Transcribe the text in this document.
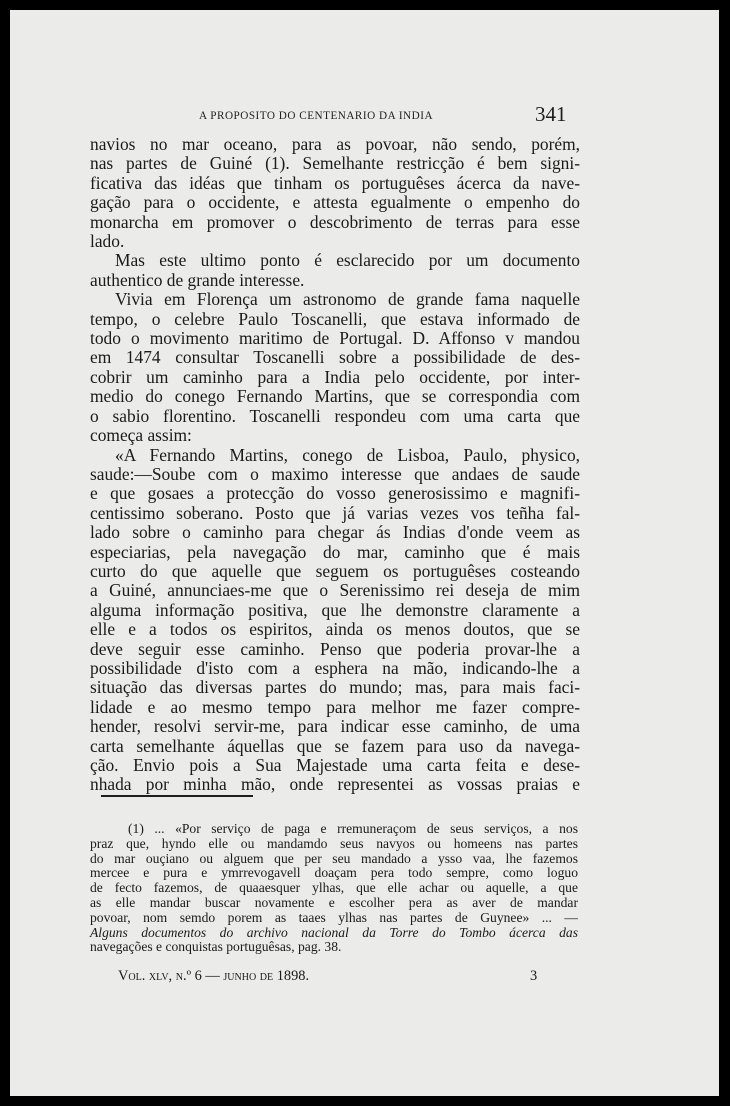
A PROPOSITO DO CENTENARIO DA INDIA	341
navios no mar oceano, para as povoar, não sendo, porém,
nas partes de Guiné (1). Semelhante restricção é bem signi-
ficativa das idéas que tinham os portuguêses ácerca da nave-
gação para o occidente, e attesta egualmente o empenho do
monarcha em promover o descobrimento de terras para esse
lado.
Mas este ultimo ponto é esclarecido por um documento
authentico de grande interesse.
Vivia em Florença um astronomo de grande fama naquelle
tempo, o celebre Paulo Toscanelli, que estava informado de
todo o movimento maritimo de Portugal. D. Affonso v mandou
em 1474 consultar Toscanelli sobre a possibilidade de des-
cobrir um caminho para a India pelo occidente, por inter-
medio do conego Fernando Martins, que se correspondia com
o sabio florentino. Toscanelli respondeu com uma carta que
começa assim:
«A Fernando Martins, conego de Lisboa, Paulo, physico,
saude:—Soube com o maximo interesse que andaes de saude
e que gosaes a protecção do vosso generosissimo e magnifi-
centissimo soberano. Posto que já varias vezes vos teñha fal-
lado sobre o caminho para chegar ás Indias d'onde veem as
especiarias, pela navegação do mar, caminho que é mais
curto do que aquelle que seguem os portuguêses costeando
a Guiné, annunciaes-me que o Serenissimo rei deseja de mim
alguma informação positiva, que lhe demonstre claramente a
elle e a todos os espiritos, ainda os menos doutos, que se
deve seguir esse caminho. Penso que poderia provar-lhe a
possibilidade d'isto com a esphera na mão, indicando-lhe a
situação das diversas partes do mundo; mas, para mais faci-
lidade e ao mesmo tempo para melhor me fazer compre-
hender, resolvi servir-me, para indicar esse caminho, de uma
carta semelhante áquellas que se fazem para uso da navega-
ção. Envio pois a Sua Majestade uma carta feita e dese-
nhada por minha mão, onde representei as vossas praias e
(1) ... «Por serviço de paga e rremuneraçom de seus serviços, a nos
praz que, hyndo elle ou mandamdo seus navyos ou homeens nas partes
do mar ouçiano ou alguem que per seu mandado a ysso vaa, lhe fazemos
mercee e pura e ymrrevogavell doaçam pera todo sempre, como loguo
de fecto fazemos, de quaaesquer ylhas, que elle achar ou aquelle, a que
as elle mandar buscar novamente e escolher pera as aver de mandar
povoar, nom semdo porem as taaes ylhas nas partes de Guynee» ... —
Alguns documentos do archivo nacional da Torre do Tombo ácerca das
navegações e conquistas portuguêsas, pag. 38.
Vol. xlv, n.º 6 — junho de 1898.	3
